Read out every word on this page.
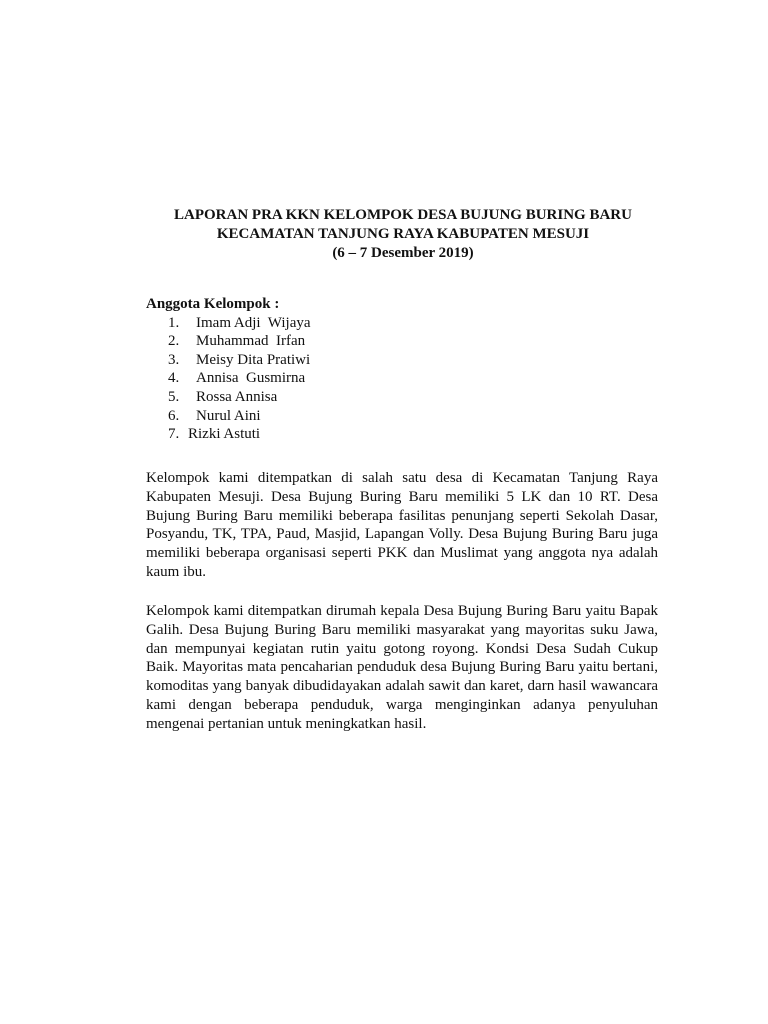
LAPORAN PRA KKN KELOMPOK DESA BUJUNG BURING BARU
KECAMATAN TANJUNG RAYA KABUPATEN MESUJI
(6 – 7 Desember 2019)
Anggota Kelompok :
1. Imam Adji  Wijaya
2. Muhammad  Irfan
3. Meisy Dita Pratiwi
4. Annisa  Gusmirna
5. Rossa Annisa
6. Nurul Aini
7. Rizki Astuti

Kelompok kami ditempatkan di salah satu desa di Kecamatan Tanjung Raya Kabupaten Mesuji. Desa Bujung Buring Baru memiliki 5 LK dan 10 RT. Desa Bujung Buring Baru memiliki beberapa fasilitas penunjang seperti Sekolah Dasar, Posyandu, TK, TPA, Paud, Masjid, Lapangan Volly. Desa Bujung Buring Baru juga memiliki beberapa organisasi seperti PKK dan Muslimat yang anggota nya adalah kaum ibu.

Kelompok kami ditempatkan dirumah kepala Desa Bujung Buring Baru yaitu Bapak Galih. Desa Bujung Buring Baru memiliki masyarakat yang mayoritas suku Jawa, dan mempunyai kegiatan rutin yaitu gotong royong. Kondsi Desa Sudah Cukup Baik. Mayoritas mata pencaharian penduduk desa Bujung Buring Baru yaitu bertani, komoditas yang banyak dibudidayakan adalah sawit dan karet, darn hasil wawancara kami dengan beberapa penduduk, warga menginginkan adanya penyuluhan mengenai pertanian untuk meningkatkan hasil.
